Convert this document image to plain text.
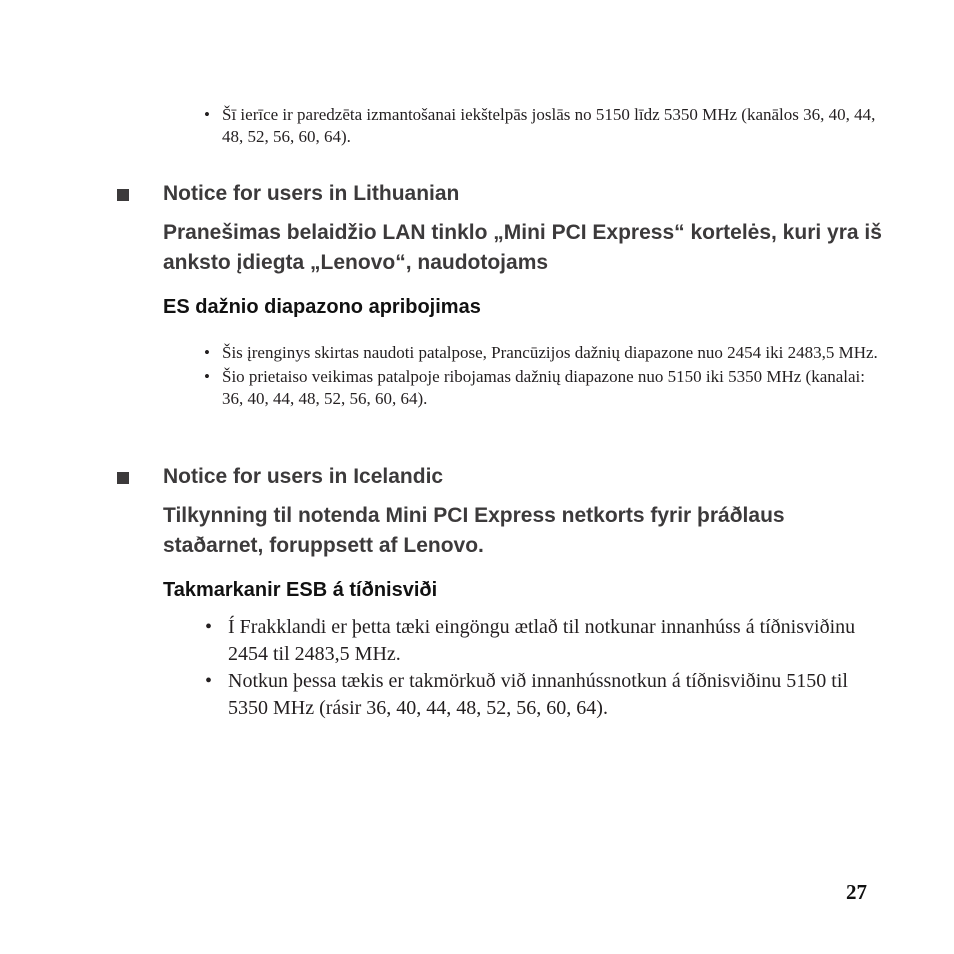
• Šī ierīce ir paredzēta izmantošanai iekštelpās joslās no 5150 līdz 5350 MHz (kanālos 36, 40, 44, 48, 52, 56, 60, 64).
Notice for users in Lithuanian
Pranešimas belaidžio LAN tinklo „Mini PCI Express“ kortelės, kuri yra iš anksto įdiegta „Lenovo“, naudotojams
ES dažnio diapazono apribojimas
• Šis įrenginys skirtas naudoti patalpose, Prancūzijos dažnių diapazone nuo 2454 iki 2483,5 MHz.
• Šio prietaiso veikimas patalpoje ribojamas dažnių diapazone nuo 5150 iki 5350 MHz (kanalai: 36, 40, 44, 48, 52, 56, 60, 64).
Notice for users in Icelandic
Tilkynning til notenda Mini PCI Express netkorts fyrir þráðlaus staðarnet, foruppsett af Lenovo.
Takmarkanir ESB á tíðnisviði
• Í Frakklandi er þetta tæki eingöngu ætlað til notkunar innanhúss á tíðnisviðinu 2454 til 2483,5 MHz.
• Notkun þessa tækis er takmörkuð við innanhússnotkun á tíðnisviðinu 5150 til 5350 MHz (rásir 36, 40, 44, 48, 52, 56, 60, 64).
27
